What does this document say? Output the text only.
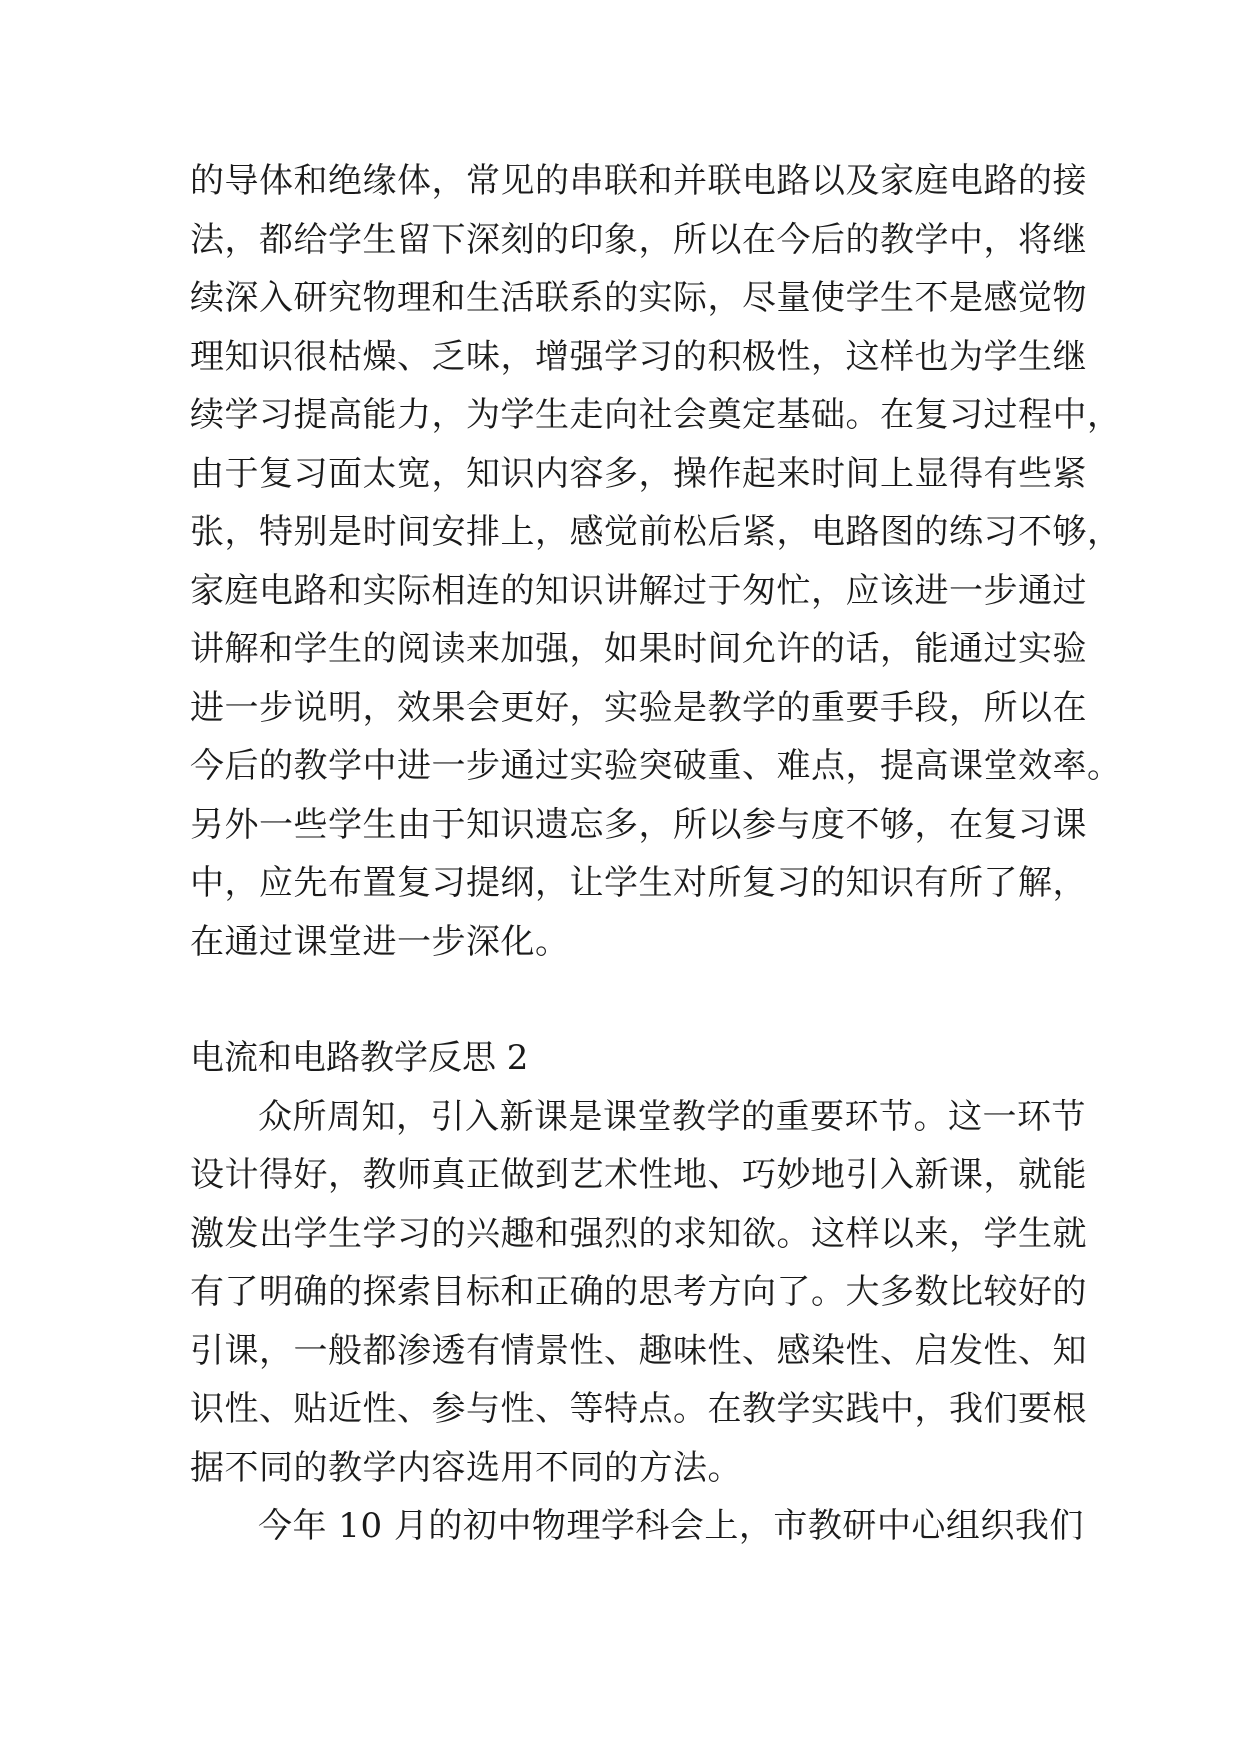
的导体和绝缘体，常见的串联和并联电路以及家庭电路的接
法，都给学生留下深刻的印象，所以在今后的教学中，将继
续深入研究物理和生活联系的实际，尽量使学生不是感觉物
理知识很枯燥、乏味，增强学习的积极性，这样也为学生继
续学习提高能力，为学生走向社会奠定基础。在复习过程中，
由于复习面太宽，知识内容多，操作起来时间上显得有些紧
张，特别是时间安排上，感觉前松后紧，电路图的练习不够，
家庭电路和实际相连的知识讲解过于匆忙，应该进一步通过
讲解和学生的阅读来加强，如果时间允许的话，能通过实验
进一步说明，效果会更好，实验是教学的重要手段，所以在
今后的教学中进一步通过实验突破重、难点，提高课堂效率。
另外一些学生由于知识遗忘多，所以参与度不够，在复习课
中，应先布置复习提纲，让学生对所复习的知识有所了解，
在通过课堂进一步深化。
电流和电路教学反思 2
众所周知，引入新课是课堂教学的重要环节。这一环节
设计得好，教师真正做到艺术性地、巧妙地引入新课，就能
激发出学生学习的兴趣和强烈的求知欲。这样以来，学生就
有了明确的探索目标和正确的思考方向了。大多数比较好的
引课，一般都渗透有情景性、趣味性、感染性、启发性、知
识性、贴近性、参与性、等特点。在教学实践中，我们要根
据不同的教学内容选用不同的方法。
今年 10 月的初中物理学科会上，市教研中心组织我们
